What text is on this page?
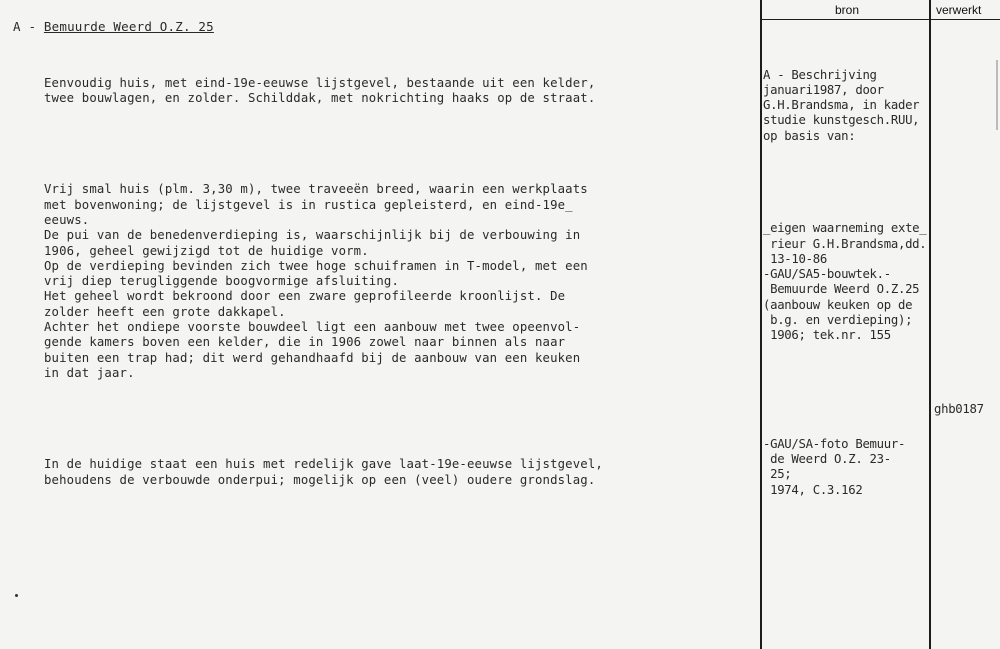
bron	verwerkt
A - Bemuurde Weerd O.Z. 25

Eenvoudig huis, met eind-19e-eeuwse lijstgevel, bestaande uit een kelder,
twee bouwlagen, en zolder. Schilddak, met nokrichting haaks op de straat.

Vrij smal huis (plm. 3,30 m), twee traveeën breed, waarin een werkplaats
met bovenwoning; de lijstgevel is in rustica gepleisterd, en eind-19e_
eeuws.
De pui van de benedenverdieping is, waarschijnlijk bij de verbouwing in
1906, geheel gewijzigd tot de huidige vorm.
Op de verdieping bevinden zich twee hoge schuiframen in T-model, met een
vrij diep terugliggende boogvormige afsluiting.
Het geheel wordt bekroond door een zware geprofileerde kroonlijst. De
zolder heeft een grote dakkapel.
Achter het ondiepe voorste bouwdeel ligt een aanbouw met twee opeenvol-
gende kamers boven een kelder, die in 1906 zowel naar binnen als naar
buiten een trap had; dit werd gehandhaafd bij de aanbouw van een keuken
in dat jaar.

In de huidige staat een huis met redelijk gave laat-19e-eeuwse lijstgevel,
behoudens de verbouwde onderpui; mogelijk op een (veel) oudere grondslag.

A - Beschrijving
januari1987, door
G.H.Brandsma, in kader
studie kunstgesch.RUU,
op basis van:

_eigen waarneming exte_
rieur G.H.Brandsma,dd.
13-10-86
-GAU/SA5-bouwtek.-
Bemuurde Weerd O.Z.25
(aanbouw keuken op de
b.g. en verdieping);
1906; tek.nr. 155

-GAU/SA-foto Bemuur-
de Weerd O.Z. 23-
25;
1974, C.3.162

ghb0187
